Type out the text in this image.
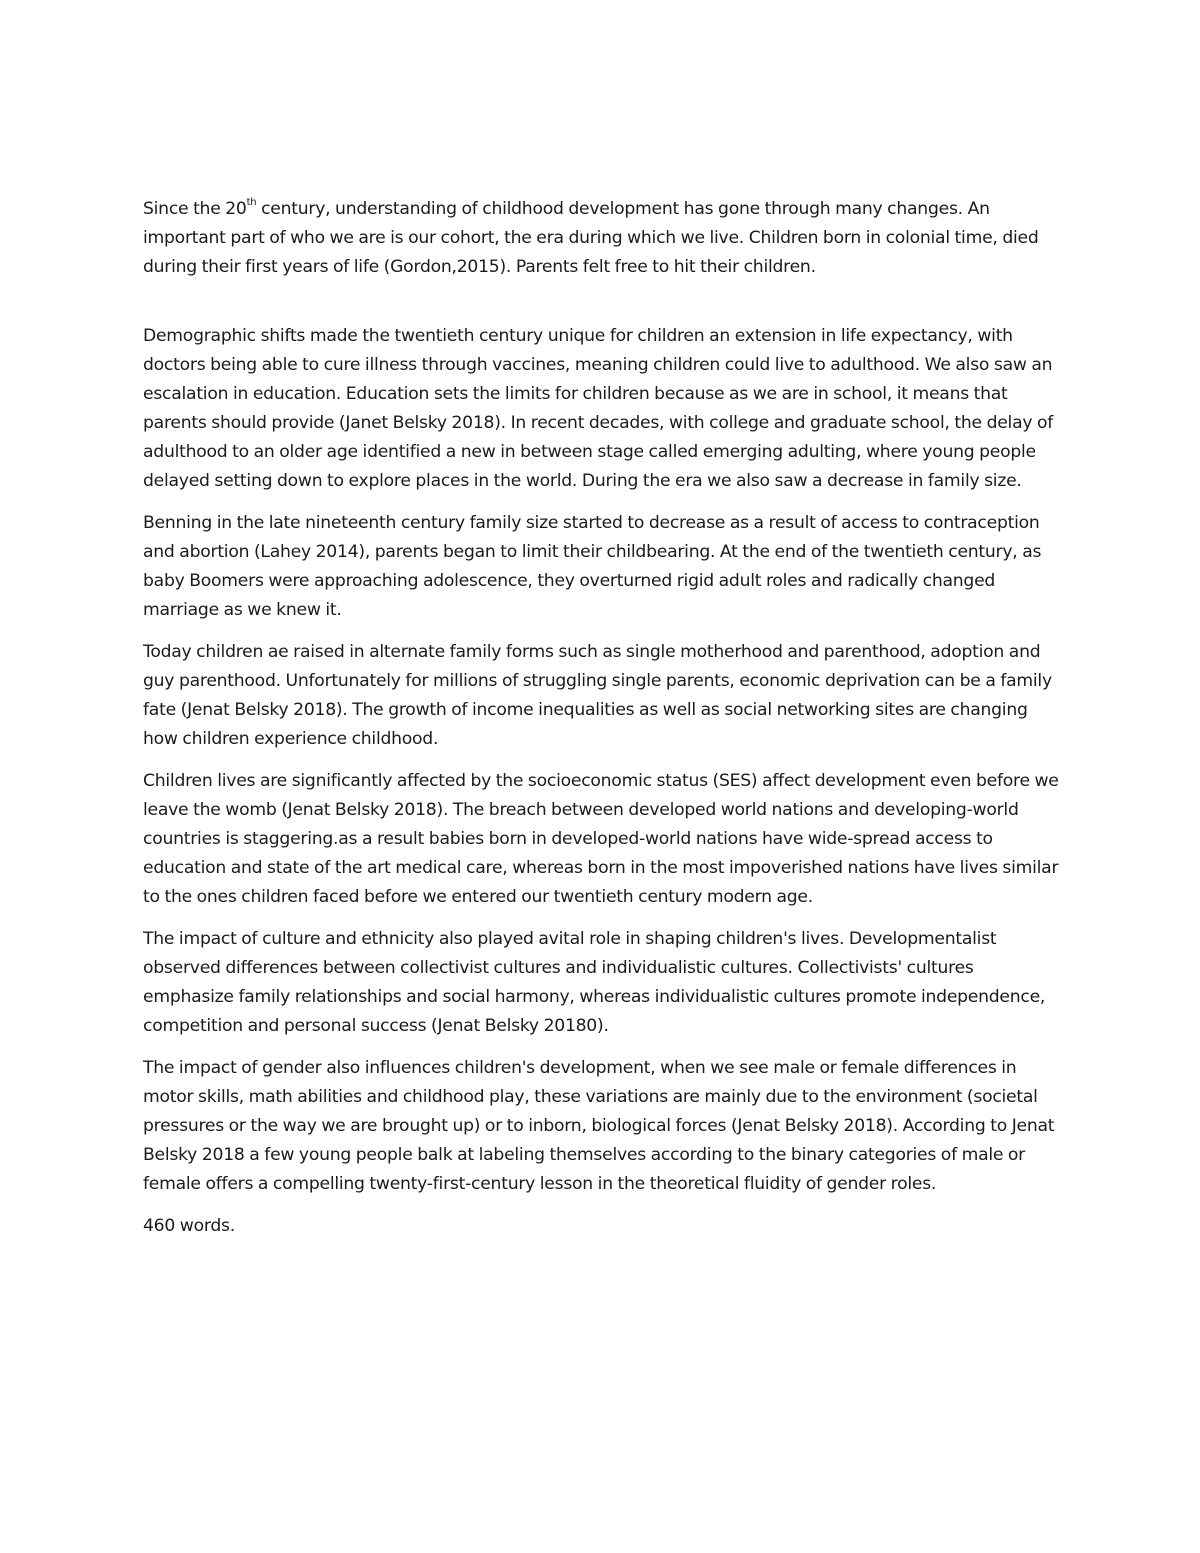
Since the 20th century, understanding of childhood development has gone through many changes. An important part of who we are is our cohort, the era during which we live. Children born in colonial time, died during their first years of life (Gordon,2015). Parents felt free to hit their children.

Demographic shifts made the twentieth century unique for children an extension in life expectancy, with doctors being able to cure illness through vaccines, meaning children could live to adulthood. We also saw an escalation in education. Education sets the limits for children because as we are in school, it means that parents should provide (Janet Belsky 2018). In recent decades, with college and graduate school, the delay of adulthood to an older age identified a new in between stage called emerging adulting, where young people delayed setting down to explore places in the world. During the era we also saw a decrease in family size.

Benning in the late nineteenth century family size started to decrease as a result of access to contraception and abortion (Lahey 2014), parents began to limit their childbearing. At the end of the twentieth century, as baby Boomers were approaching adolescence, they overturned rigid adult roles and radically changed marriage as we knew it.

Today children ae raised in alternate family forms such as single motherhood and parenthood, adoption and guy parenthood. Unfortunately for millions of struggling single parents, economic deprivation can be a family fate (Jenat Belsky 2018). The growth of income inequalities as well as social networking sites are changing how children experience childhood.

Children lives are significantly affected by the socioeconomic status (SES) affect development even before we leave the womb (Jenat Belsky 2018). The breach between developed world nations and developing-world countries is staggering.as a result babies born in developed-world nations have wide-spread access to education and state of the art medical care, whereas born in the most impoverished nations have lives similar to the ones children faced before we entered our twentieth century modern age.

The impact of culture and ethnicity also played avital role in shaping children's lives. Developmentalist observed differences between collectivist cultures and individualistic cultures. Collectivists' cultures emphasize family relationships and social harmony, whereas individualistic cultures promote independence, competition and personal success (Jenat Belsky 20180).

The impact of gender also influences children's development, when we see male or female differences in motor skills, math abilities and childhood play, these variations are mainly due to the environment (societal pressures or the way we are brought up) or to inborn, biological forces (Jenat Belsky 2018). According to Jenat Belsky 2018 a few young people balk at labeling themselves according to the binary categories of male or female offers a compelling twenty-first-century lesson in the theoretical fluidity of gender roles.

460 words.
